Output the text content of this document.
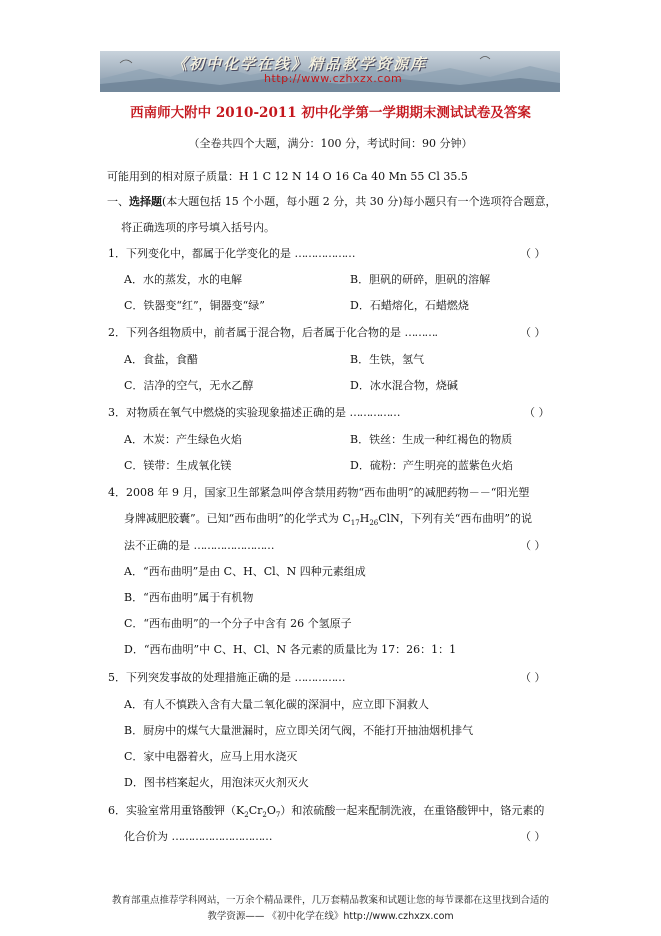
《初中化学在线》精品教学资源库
http://www.czhxzx.com
西南师大附中 2010-2011 初中化学第一学期期末测试试卷及答案
（全卷共四个大题，满分：100 分，考试时间：90 分钟）
可能用到的相对原子质量：H 1 C 12 N 14 O 16 Ca 40 Mn 55 Cl 35.5
一、选择题(本大题包括 15 个小题，每小题 2 分，共 30 分)每小题只有一个选项符合题意，
将正确选项的序号填入括号内。
1．下列变化中，都属于化学变化的是 ………………	（ ）
A．水的蒸发，水的电解	B．胆矾的研碎，胆矾的溶解
C．铁器变“红”，铜器变“绿”	D．石蜡熔化，石蜡燃烧
2．下列各组物质中，前者属于混合物，后者属于化合物的是 ……….	（ ）
A．食盐，食醋	B．生铁，氢气
C．洁净的空气，无水乙醇	D．冰水混合物，烧碱
3．对物质在氧气中燃烧的实验现象描述正确的是 ……………	（ ）
A．木炭：产生绿色火焰	B．铁丝：生成一种红褐色的物质
C．镁带：生成氧化镁	D．硫粉：产生明亮的蓝紫色火焰
4．2008 年 9 月，国家卫生部紧急叫停含禁用药物“西布曲明”的减肥药物－－“阳光塑
身牌减肥胶囊”。已知“西布曲明”的化学式为 $C_{17}H_{26}ClN$，下列有关“西布曲明”的说
法不正确的是 ……………………	（ ）
A．“西布曲明”是由 C、H、Cl、N 四种元素组成
B．“西布曲明”属于有机物
C．“西布曲明”的一个分子中含有 26 个氢原子
D．“西布曲明”中 C、H、Cl、N 各元素的质量比为 17：26：1：1
5．下列突发事故的处理措施正确的是 ……………	（ ）
A．有人不慎跌入含有大量二氧化碳的深洞中，应立即下洞救人
B．厨房中的煤气大量泄漏时，应立即关闭气阀，不能打开抽油烟机排气
C．家中电器着火，应马上用水浇灭
D．图书档案起火，用泡沫灭火剂灭火
6．实验室常用重铬酸钾$(K_2Cr_2O_7)$和浓硫酸一起来配制洗液，在重铬酸钾中，铬元素的
化合价为 …………………………	（ ）
教育部重点推荐学科网站，一万余个精品课件，几万套精品教案和试题让您的每节课都在这里找到合适的
教学资源—— 《初中化学在线》http://www.czhxzx.com
